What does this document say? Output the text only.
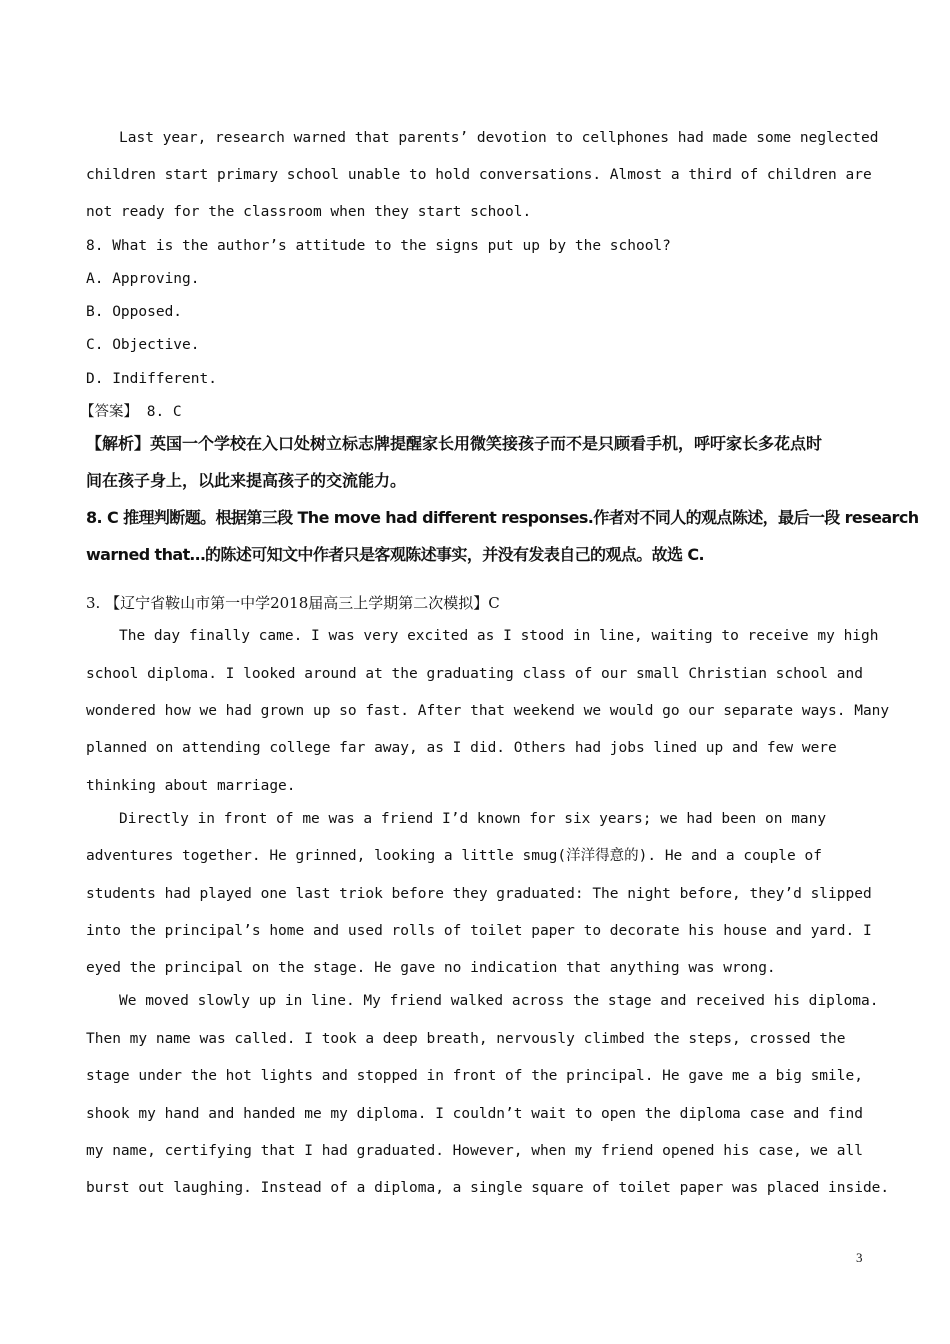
Last year, research warned that parents’ devotion to cellphones had made some neglected
children start primary school unable to hold conversations. Almost a third of children are
not ready for the classroom when they start school.
8. What is the author’s attitude to the signs put up by the school?
A. Approving.
B. Opposed.
C. Objective.
D. Indifferent.
【答案】 8. C
【解析】英国一个学校在入口处树立标志牌提醒家长用微笑接孩子而不是只顾看手机，呼吁家长多花点时
间在孩子身上，以此来提高孩子的交流能力。
8. C 推理判断题。根据第三段 The move had different responses.作者对不同人的观点陈述，最后一段 research
warned that…的陈述可知文中作者只是客观陈述事实，并没有发表自己的观点。故选 C.
3. 【辽宁省鞍山市第一中学2018届高三上学期第二次模拟】C
The day finally came. I was very excited as I stood in line, waiting to receive my high
school diploma. I looked around at the graduating class of our small Christian school and
wondered how we had grown up so fast. After that weekend we would go our separate ways. Many
planned on attending college far away, as I did. Others had jobs lined up and few were
thinking about marriage.
Directly in front of me was a friend I’d known for six years; we had been on many
adventures together. He grinned, looking a little smug(洋洋得意的). He and a couple of
students had played one last triok before they graduated: The night before, they’d slipped
into the principal’s home and used rolls of toilet paper to decorate his house and yard. I
eyed the principal on the stage. He gave no indication that anything was wrong.
We moved slowly up in line. My friend walked across the stage and received his diploma.
Then my name was called. I took a deep breath, nervously climbed the steps, crossed the
stage under the hot lights and stopped in front of the principal. He gave me a big smile,
shook my hand and handed me my diploma. I couldn’t wait to open the diploma case and find
my name, certifying that I had graduated. However, when my friend opened his case, we all
burst out laughing. Instead of a diploma, a single square of toilet paper was placed inside.
3
